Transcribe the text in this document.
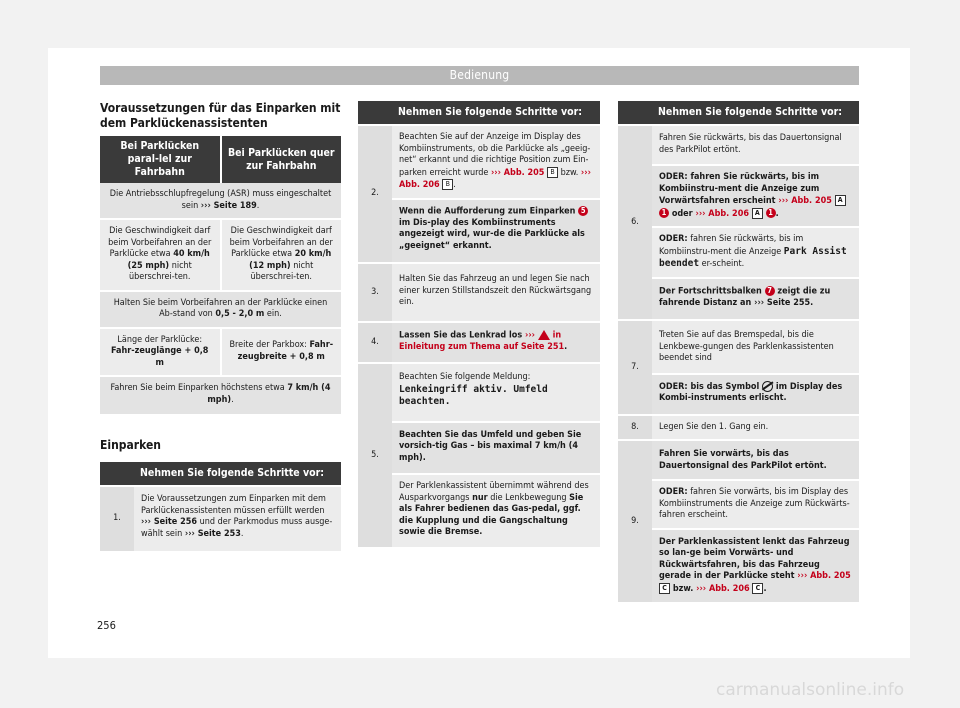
Bedienung
Voraussetzungen für das Einparken mit dem Parklückenassistenten
Bei Parklücken paral-lel zur Fahrbahn	Bei Parklücken quer zur Fahrbahn
Die Antriebsschlupfregelung (ASR) muss eingeschaltet sein ››› Seite 189.	
Die Geschwindigkeit darf beim Vorbeifahren an der Parklücke etwa 40 km/h (25 mph) nicht überschrei-ten.	Die Geschwindigkeit darf beim Vorbeifahren an der Parklücke etwa 20 km/h (12 mph) nicht überschrei-ten.
Halten Sie beim Vorbeifahren an der Parklücke einen Ab-stand von 0,5 - 2,0 m ein.	
Länge der Parklücke: Fahr-zeuglänge + 0,8 m	Breite der Parkbox: Fahr-zeugbreite + 0,8 m
Fahren Sie beim Einparken höchstens etwa 7 km/h (4 mph).	
Einparken
	Nehmen Sie folgende Schritte vor:
1.	Die Voraussetzungen zum Einparken mit dem Parklückenassistenten müssen erfüllt werden ››› Seite 256 und der Parkmodus muss ausge-wählt sein ››› Seite 253.
	Nehmen Sie folgende Schritte vor:
2.	Beachten Sie auf der Anzeige im Display des Kombiinstruments, ob die Parklücke als „geeig-net“ erkannt und die richtige Position zum Ein-parken erreicht wurde ››› Abb. 205 B bzw. ››› Abb. 206 B .
	Wenn die Aufforderung zum Einparken 5 im Dis-play des Kombiinstruments angezeigt wird, wur-de die Parklücke als „geeignet“ erkannt.
3.	Halten Sie das Fahrzeug an und legen Sie nach einer kurzen Stillstandszeit den Rückwärtsgang ein.
4.	Lassen Sie das Lenkrad los ›››  in Einleitung zum Thema auf Seite 251.
5.	Beachten Sie folgende Meldung: Lenkeingriff aktiv. Umfeld beachten.
	Beachten Sie das Umfeld und geben Sie vorsich-tig Gas – bis maximal 7 km/h (4 mph).
	Der Parklenkassistent übernimmt während des Ausparkvorgangs nur die Lenkbewegung Sie als Fahrer bedienen das Gas-pedal, ggf. die Kupplung und die Gangschaltung sowie die Bremse.
	Nehmen Sie folgende Schritte vor:
6.	Fahren Sie rückwärts, bis das Dauertonsignal des ParkPilot ertönt.
	ODER: fahren Sie rückwärts, bis im Kombiinstru-ment die Anzeige zum Vorwärtsfahren erscheint ››› Abb. 205 A 1 oder ››› Abb. 206 A 1 .
	ODER: fahren Sie rückwärts, bis im Kombiinstru-ment die Anzeige Park Assist beendet er-scheint.
	Der Fortschrittsbalken 7 zeigt die zu fahrende Distanz an ››› Seite 255.
7.	Treten Sie auf das Bremspedal, bis die Lenkbewe-gungen des Parklenkassistenten beendet sind
	ODER: bis das Symbol
im Display des Kombi-instruments erlischt.
8.	Legen Sie den 1. Gang ein.
9.	Fahren Sie vorwärts, bis das Dauertonsignal des ParkPilot ertönt.
	ODER: fahren Sie vorwärts, bis im Display des Kombiinstruments die Anzeige zum Rückwärts-fahren erscheint.
	Der Parklenkassistent lenkt das Fahrzeug so lan-ge beim Vorwärts- und Rückwärtsfahren, bis das Fahrzeug gerade in der Parklücke steht ››› Abb. 205 C bzw. ››› Abb. 206 C .
256
carmanualsonline.info
